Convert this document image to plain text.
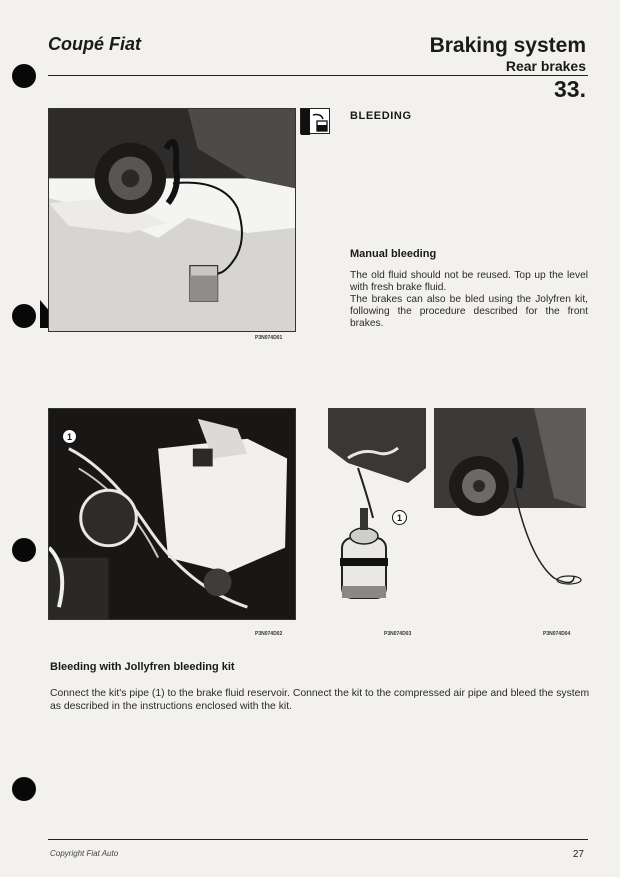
Coupé Fiat	Braking system
Rear brakes
33.
P3N074D01
BLEEDING
Manual bleeding

The old fluid should not be reused. Top up the level with fresh brake fluid.

The brakes can also be bled using the Jolyfren kit, following the procedure described for the front brakes.

1
P3N074D02
1
P3N074D03	P3N074D04
Bleeding with Jollyfren bleeding kit
Connect the kit's pipe (1) to the brake fluid reservoir. Connect the kit to the compressed air pipe and bleed the system as described in the instructions enclosed with the kit.
Copyright Fiat Auto	27
